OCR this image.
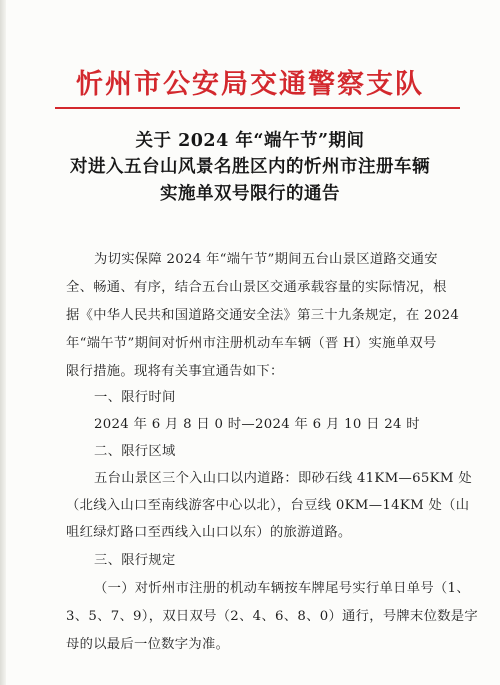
忻州市公安局交通警察支队
关于 2024 年“端午节”期间
对进入五台山风景名胜区内的忻州市注册车辆
实施单双号限行的通告
为切实保障 2024 年“端午节”期间五台山景区道路交通安
全、畅通、有序，结合五台山景区交通承载容量的实际情况，根
据《中华人民共和国道路交通安全法》第三十九条规定，在 2024
年“端午节”期间对忻州市注册机动车车辆（晋 H）实施单双号
限行措施。现将有关事宜通告如下：
一、限行时间
2024 年 6 月 8 日 0 时—2024 年 6 月 10 日 24 时
二、限行区域
五台山景区三个入山口以内道路：即砂石线 41KM—65KM 处
（北线入山口至南线游客中心以北），台豆线 0KM—14KM 处（山
咀红绿灯路口至西线入山口以东）的旅游道路。
三、限行规定
（一）对忻州市注册的机动车辆按车牌尾号实行单日单号（1、
3、5、7、9），双日双号（2、4、6、8、0）通行，号牌末位数是字
母的以最后一位数字为准。
